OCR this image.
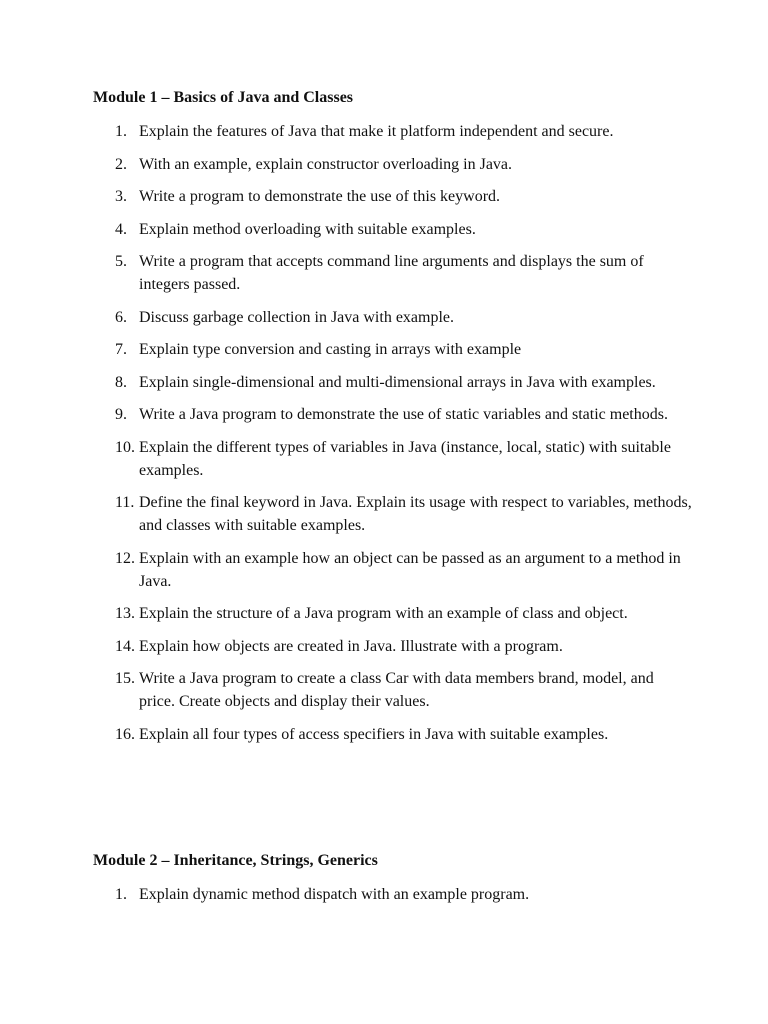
Module 1 – Basics of Java and Classes
1. Explain the features of Java that make it platform independent and secure.
2. With an example, explain constructor overloading in Java.
3. Write a program to demonstrate the use of this keyword.
4. Explain method overloading with suitable examples.
5. Write a program that accepts command line arguments and displays the sum of integers passed.
6. Discuss garbage collection in Java with example.
7. Explain type conversion and casting in arrays with example
8. Explain single-dimensional and multi-dimensional arrays in Java with examples.
9. Write a Java program to demonstrate the use of static variables and static methods.
10. Explain the different types of variables in Java (instance, local, static) with suitable examples.
11. Define the final keyword in Java. Explain its usage with respect to variables, methods, and classes with suitable examples.
12. Explain with an example how an object can be passed as an argument to a method in Java.
13. Explain the structure of a Java program with an example of class and object.
14. Explain how objects are created in Java. Illustrate with a program.
15. Write a Java program to create a class Car with data members brand, model, and price. Create objects and display their values.
16. Explain all four types of access specifiers in Java with suitable examples.
Module 2 – Inheritance, Strings, Generics
1. Explain dynamic method dispatch with an example program.
